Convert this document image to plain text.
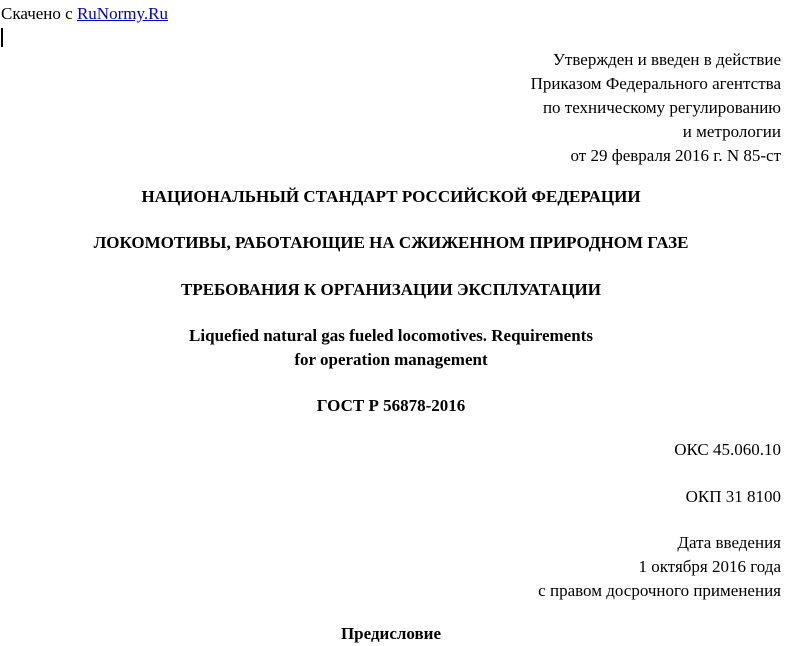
Скачено с RuNormy.Ru
Утвержден и введен в действие
Приказом Федерального агентства
по техническому регулированию
и метрологии
от 29 февраля 2016 г. N 85-ст
НАЦИОНАЛЬНЫЙ СТАНДАРТ РОССИЙСКОЙ ФЕДЕРАЦИИ
ЛОКОМОТИВЫ, РАБОТАЮЩИЕ НА СЖИЖЕННОМ ПРИРОДНОМ ГАЗЕ
ТРЕБОВАНИЯ К ОРГАНИЗАЦИИ ЭКСПЛУАТАЦИИ
Liquefied natural gas fueled locomotives. Requirements
for operation management
ГОСТ Р 56878-2016
ОКС 45.060.10
ОКП 31 8100
Дата введения
1 октября 2016 года
с правом досрочного применения
Предисловие
